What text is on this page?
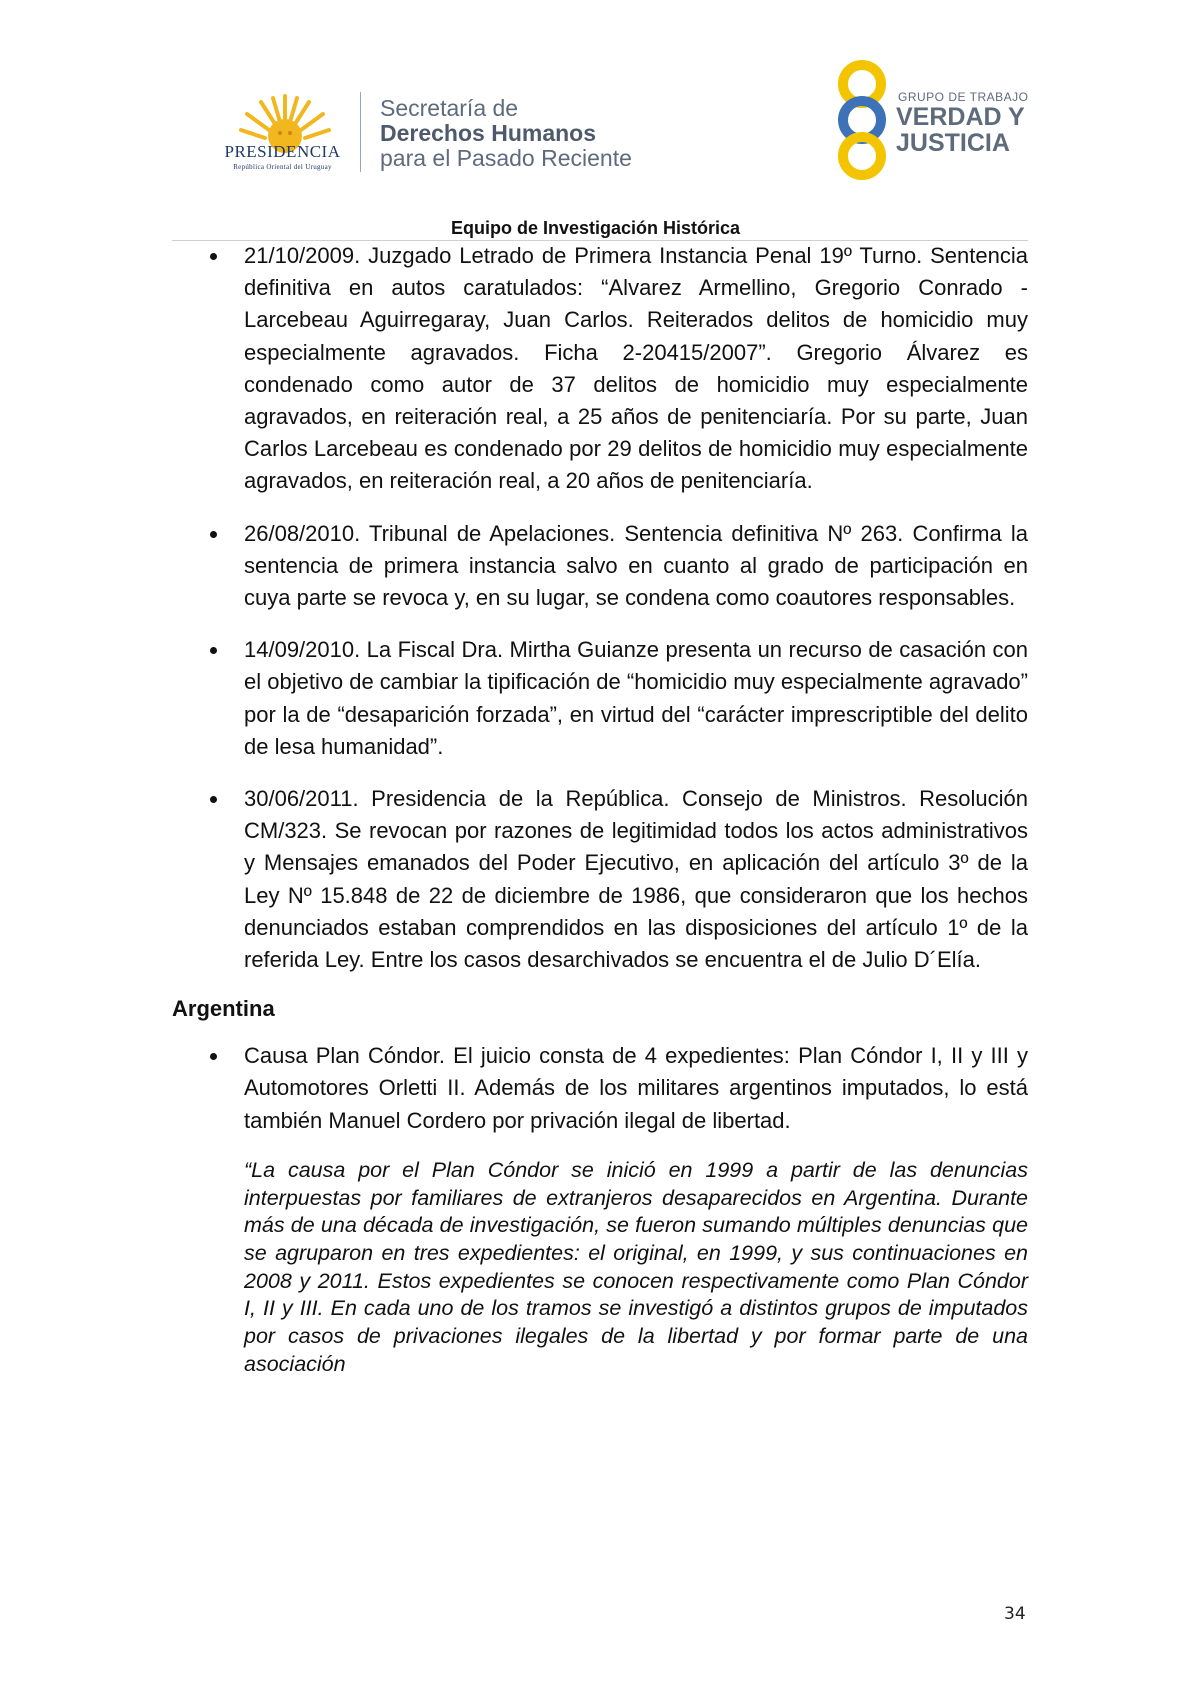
PRESIDENCIA
República Oriental del Uruguay
Secretaría de
Derechos Humanos
para el Pasado Reciente
GRUPO DE TRABAJO
VERDAD Y
JUSTICIA
Equipo de Investigación Histórica
21/10/2009. Juzgado Letrado de Primera Instancia Penal 19º Turno. Sentencia definitiva en autos caratulados: “Alvarez Armellino, Gregorio Conrado - Larcebeau Aguirregaray, Juan Carlos. Reiterados delitos de homicidio muy especialmente agravados. Ficha 2-20415/2007”. Gregorio Álvarez es condenado como autor de 37 delitos de homicidio muy especialmente agravados, en reiteración real, a 25 años de penitenciaría. Por su parte, Juan Carlos Larcebeau es condenado por 29 delitos de homicidio muy especialmente agravados, en reiteración real, a 20 años de penitenciaría.
26/08/2010. Tribunal de Apelaciones. Sentencia definitiva Nº 263. Confirma la sentencia de primera instancia salvo en cuanto al grado de participación en cuya parte se revoca y, en su lugar, se condena como coautores responsables.
14/09/2010. La Fiscal Dra. Mirtha Guianze presenta un recurso de casación con el objetivo de cambiar la tipificación de “homicidio muy especialmente agravado” por la de “desaparición forzada”, en virtud del “carácter imprescriptible del delito de lesa humanidad”.
30/06/2011. Presidencia de la República. Consejo de Ministros. Resolución CM/323. Se revocan por razones de legitimidad todos los actos administrativos y Mensajes emanados del Poder Ejecutivo, en aplicación del artículo 3º de la Ley Nº 15.848 de 22 de diciembre de 1986, que consideraron que los hechos denunciados estaban comprendidos en las disposiciones del artículo 1º de la referida Ley. Entre los casos desarchivados se encuentra el de Julio D´Elía.
Argentina
Causa Plan Cóndor. El juicio consta de 4 expedientes: Plan Cóndor I, II y III y Automotores Orletti II. Además de los militares argentinos imputados, lo está también Manuel Cordero por privación ilegal de libertad.
“La causa por el Plan Cóndor se inició en 1999 a partir de las denuncias interpuestas por familiares de extranjeros desaparecidos en Argentina. Durante más de una década de investigación, se fueron sumando múltiples denuncias que se agruparon en tres expedientes: el original, en 1999, y sus continuaciones en 2008 y 2011. Estos expedientes se conocen respectivamente como Plan Cóndor I, II y III. En cada uno de los tramos se investigó a distintos grupos de imputados por casos de privaciones ilegales de la libertad y por formar parte de una asociación
34
